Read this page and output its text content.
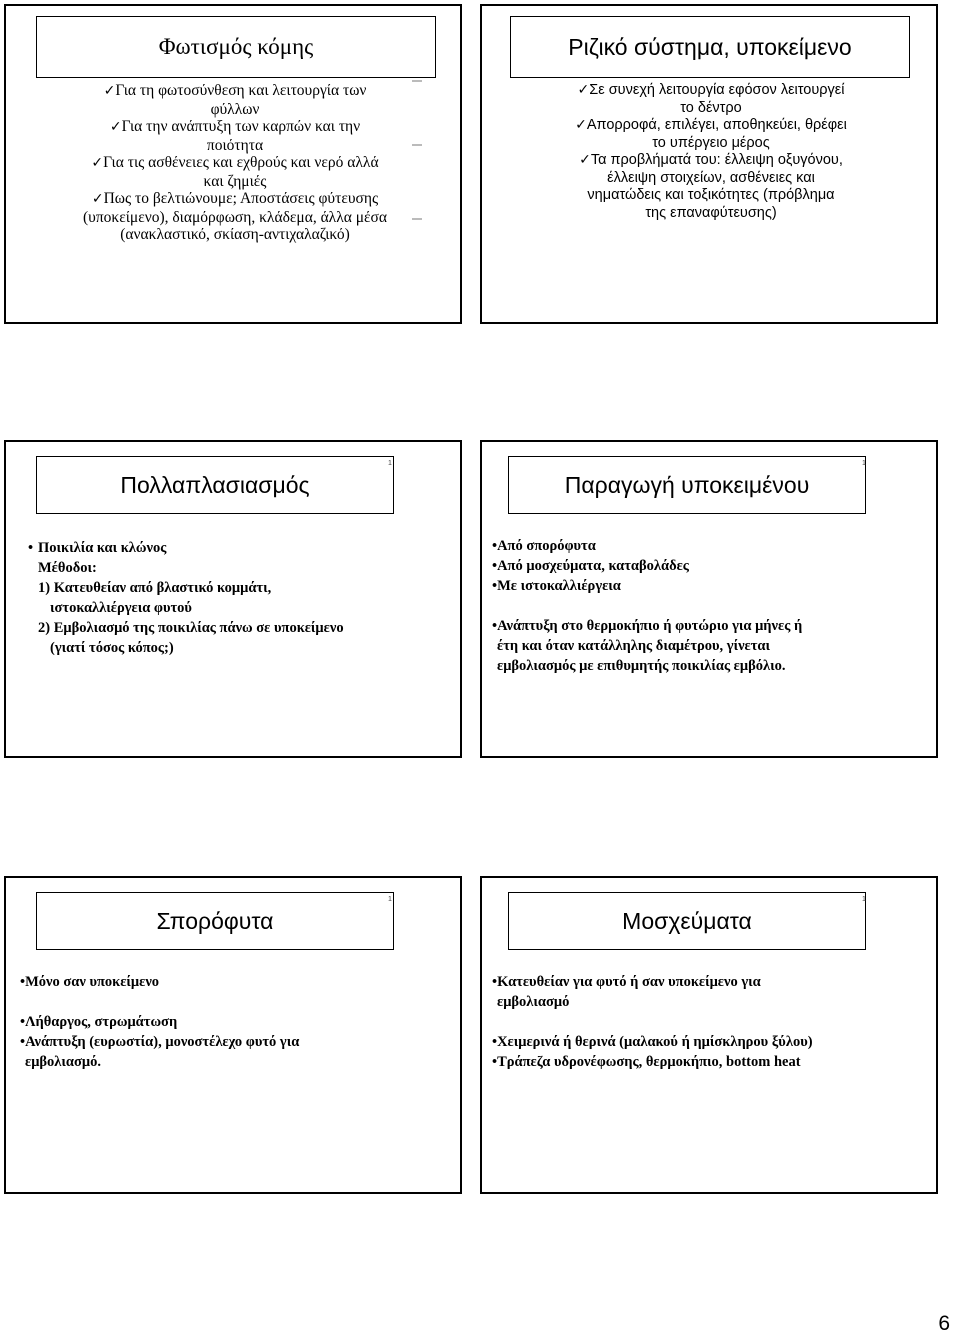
Φωτισμός κόμης
✓Για τη φωτοσύνθεση και λειτουργία των
φύλλων
✓Για την ανάπτυξη των καρπών και την
ποιότητα
✓Για τις ασθένειες και εχθρούς και νερό αλλά
και ζημιές
✓Πως το βελτιώνουμε; Αποστάσεις φύτευσης
(υποκείμενο), διαμόρφωση, κλάδεμα, άλλα μέσα
(ανακλαστικό, σκίαση-αντιχαλαζικό)
Ριζικό σύστημα, υποκείμενο
✓Σε συνεχή λειτουργία εφόσον λειτουργεί
το δέντρο
✓Απορροφά, επιλέγει, αποθηκεύει, θρέφει
το υπέργειο μέρος
✓Τα προβλήματά του: έλλειψη οξυγόνου,
έλλειψη στοιχείων, ασθένειες και
νηματώδεις και τοξικότητες (πρόβλημα
της επαναφύτευσης)
Πολλαπλασιασμός
1
• Ποικιλία και κλώνος
Μέθοδοι:
1) Κατευθείαν από βλαστικό κομμάτι,
ιστοκαλλιέργεια φυτού
2) Εμβολιασμό της ποικιλίας πάνω σε υποκείμενο
(γιατί τόσος κόπος;)
Παραγωγή υποκειμένου
1
•Από σπορόφυτα
•Από μοσχεύματα, καταβολάδες
•Με ιστοκαλλιέργεια
•Ανάπτυξη στο θερμοκήπιο ή φυτώριο για μήνες ή
έτη και όταν κατάλληλης διαμέτρου, γίνεται
εμβολιασμός με επιθυμητής ποικιλίας εμβόλιο.
Σπορόφυτα
1
•Μόνο σαν υποκείμενο
•Λήθαργος, στρωμάτωση
•Ανάπτυξη (ευρωστία), μονοστέλεχο φυτό για
εμβολιασμό.
Μοσχεύματα
1
•Κατευθείαν για φυτό ή σαν υποκείμενο για
εμβολιασμό
•Χειμερινά ή θερινά (μαλακού ή ημίσκληρου ξύλου)
•Τράπεζα υδρονέφωσης, θερμοκήπιο, bottom heat
6
